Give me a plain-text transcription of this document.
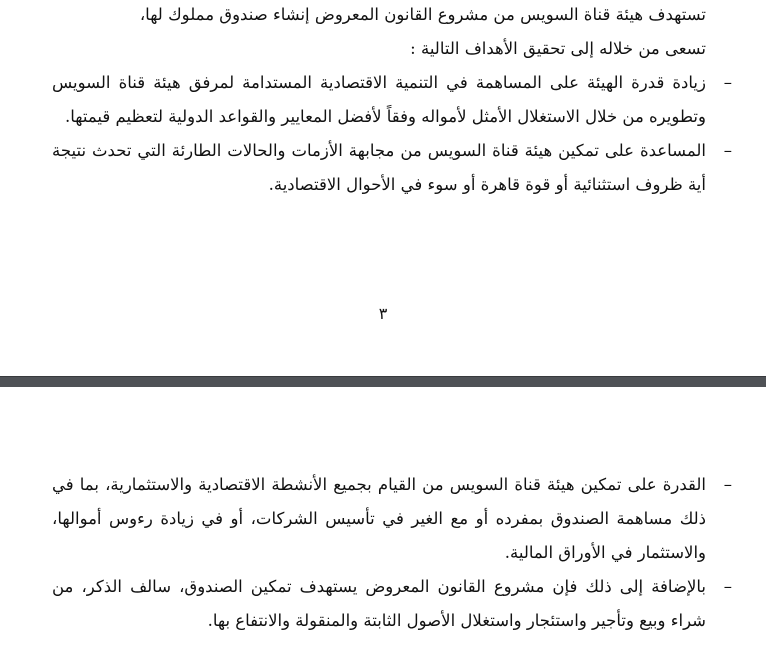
تستهدف هيئة قناة السويس من مشروع القانون المعروض إنشاء صندوق مملوك لها،

تسعى من خلاله إلى تحقيق الأهداف التالية :

–
زيادة قدرة الهيئة على المساهمة في التنمية الاقتصادية المستدامة لمرفق هيئة قناة السويس وتطويره من خلال الاستغلال الأمثل لأمواله وفقاً لأفضل المعايير والقواعد الدولية لتعظيم قيمتها.

–
المساعدة على تمكين هيئة قناة السويس من مجابهة الأزمات والحالات الطارئة التي تحدث نتيجة أية ظروف استثنائية أو قوة قاهرة أو سوء في الأحوال الاقتصادية.

٣

–
القدرة على تمكين هيئة قناة السويس من القيام بجميع الأنشطة الاقتصادية والاستثمارية، بما في ذلك مساهمة الصندوق بمفرده أو مع الغير في تأسيس الشركات، أو في زيادة رءوس أموالها، والاستثمار في الأوراق المالية.

–
بالإضافة إلى ذلك فإن مشروع القانون المعروض يستهدف تمكين الصندوق، سالف الذكر، من شراء وبيع وتأجير واستئجار واستغلال الأصول الثابتة والمنقولة والانتفاع بها.
